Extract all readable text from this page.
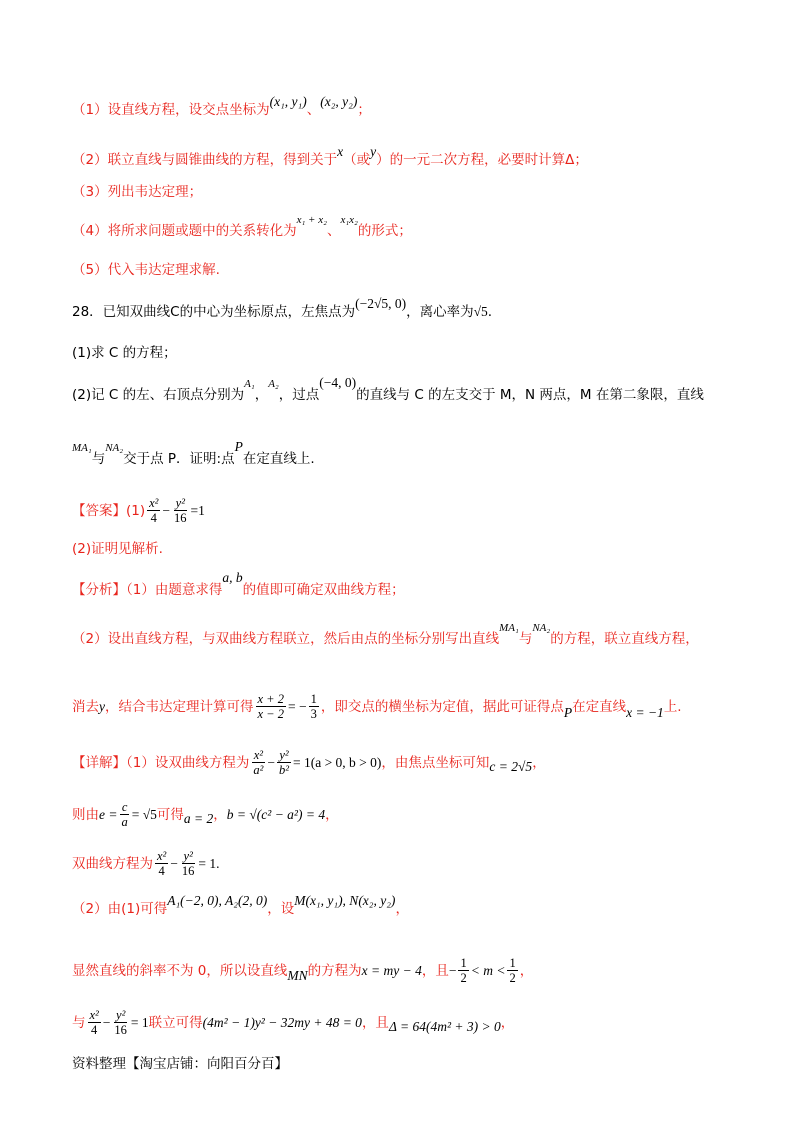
（1）设直线方程，设交点坐标为(x₁, y₁)、(x₂, y₂)；
（2）联立直线与圆锥曲线的方程，得到关于x（或y）的一元二次方程，必要时计算Δ；
（3）列出韦达定理；
（4）将所求问题或题中的关系转化为$^{x_1 + x_2}$、$^{x_1x_2}$的形式；
（5）代入韦达定理求解.
28．已知双曲线C的中心为坐标原点，左焦点为(−2√5, 0)，离心率为√5.
(1)求 C 的方程；
(2)记 C 的左、右顶点分别为$^{A_1}$，$^{A_2}$，过点(−4, 0)的直线与 C 的左支交于 M，N 两点，M 在第二象限，直线
$^{MA_1}$与$^{NA_2}$交于点 P．证明:点P在定直线上.
【答案】$(1) \frac{\text{x²}}{4} - \frac{\text{y²}}{16} =1$
(2)证明见解析.
【分析】（1）由题意求得a, b的值即可确定双曲线方程；
（2）设出直线方程，与双曲线方程联立，然后由点的坐标分别写出直线$^{MA_1}$与$^{NA_2}$的方程，联立直线方程，
消去y，结合韦达定理计算可得 $\frac{x + 2}{x - 2}$ = − $\frac{1}{3}$ ，即交点的横坐标为定值，据此可证得点P在定直线x = −1上.
【详解】（1）设双曲线方程为 $\frac{\text{x²}}{\text{a²}} - \frac{\text{y²}}{\text{b²}} = 1(a > 0$, b > 0)，由焦点坐标可知c = 2√5，
则由$e = \frac{c}{a} = √5$可得a = 2，b = √(c² − a²) = 4，
双曲线方程为 $\frac{\text{x²}}{4} - \frac{\text{y²}}{16} = 1$.
（2）由(1)可得A₁(−2, 0), A₂(2, 0)，设M(x₁, y₁), N(x₂, y₂)，
显然直线的斜率不为 0，所以设直线MN的方程为x = my − 4，且− $\frac{1}{2} < m < \frac{1}{2}$ ，
与 $\frac{\text{x²}}{4} - \frac{\text{y²}}{16} = 1$联立可得(4m² − 1)y² − 32my + 48 = 0，且Δ = 64(4m² + 3) > 0，
资料整理【淘宝店铺：向阳百分百】
